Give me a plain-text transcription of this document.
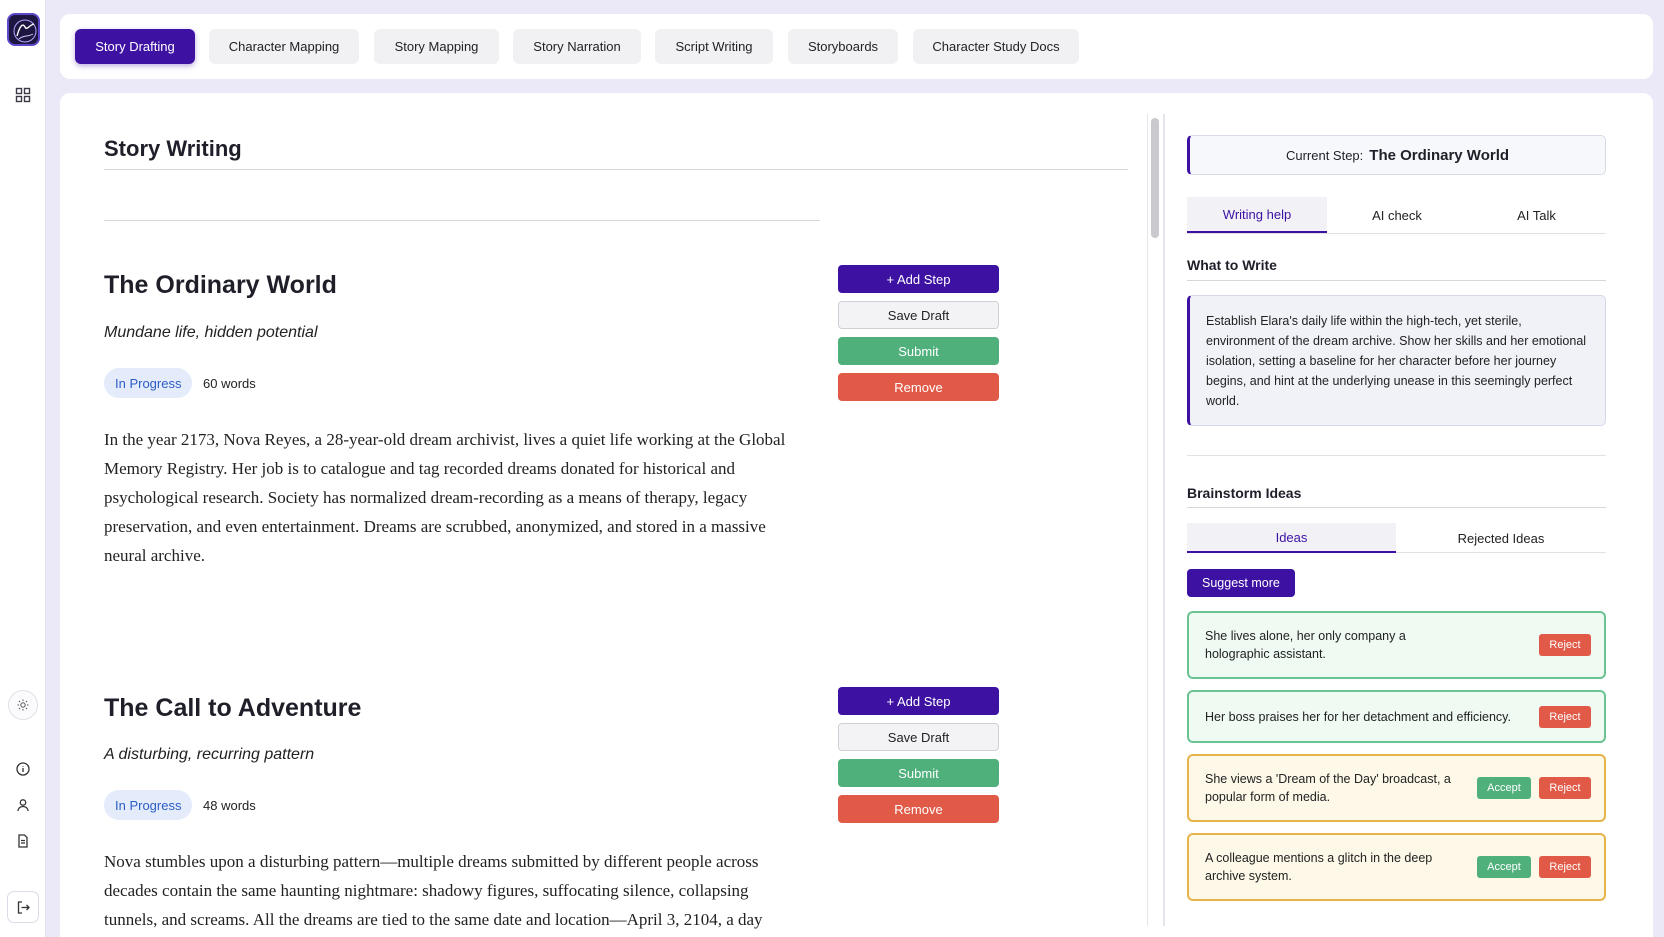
Story Drafting	Character Mapping	Story Mapping	Story Narration	Script Writing	Storyboards	Character Study Docs
Story Writing
The Ordinary World
Mundane life, hidden potential
In Progress	60 words
In the year 2173, Nova Reyes, a 28-year-old dream archivist, lives a quiet life working at the Global Memory Registry. Her job is to catalogue and tag recorded dreams donated for historical and psychological research. Society has normalized dream-recording as a means of therapy, legacy preservation, and even entertainment. Dreams are scrubbed, anonymized, and stored in a massive neural archive.
+ Add Step
Save Draft
Submit
Remove
The Call to Adventure
A disturbing, recurring pattern
In Progress	48 words
Nova stumbles upon a disturbing pattern—multiple dreams submitted by different people across decades contain the same haunting nightmare: shadowy figures, suffocating silence, collapsing tunnels, and screams. All the dreams are tied to the same date and location—April 3, 2104, a day
+ Add Step
Save Draft
Submit
Remove
Current Step: The Ordinary World
Writing help	AI check	AI Talk
What to Write
Establish Elara's daily life within the high-tech, yet sterile, environment of the dream archive. Show her skills and her emotional isolation, setting a baseline for her character before her journey begins, and hint at the underlying unease in this seemingly perfect world.
Brainstorm Ideas
Ideas	Rejected Ideas
Suggest more
She lives alone, her only company a holographic assistant.
Reject
Her boss praises her for her detachment and efficiency.	Reject
She views a 'Dream of the Day' broadcast, a popular form of media.
Accept	Reject
A colleague mentions a glitch in the deep archive system.
Accept	Reject
